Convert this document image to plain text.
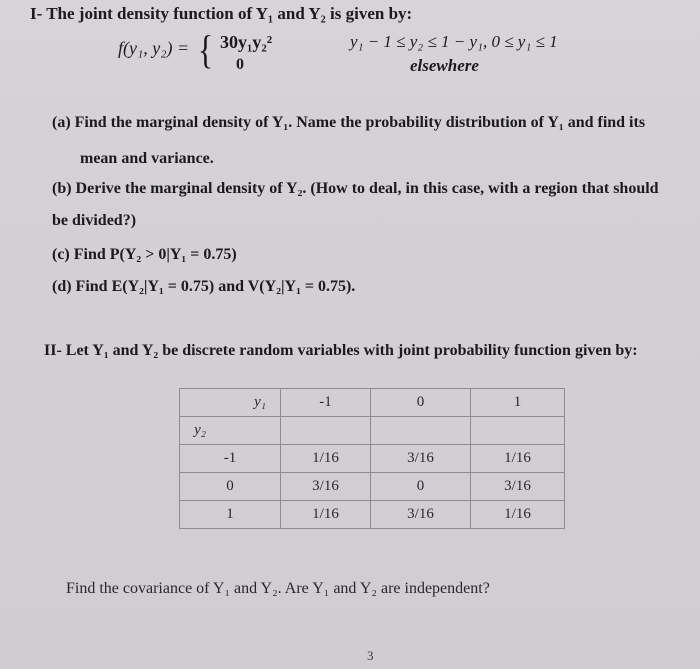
I- The joint density function of Y₁ and Y₂ is given by:
f(y₁, y₂) = { 30y₁y₂²
0
y₁ − 1 ≤ y₂ ≤ 1 − y₁, 0 ≤ y₁ ≤ 1
elsewhere
(a) Find the marginal density of Y₁. Name the probability distribution of Y₁ and find its
mean and variance.
(b) Derive the marginal density of Y₂. (How to deal, in this case, with a region that should
be divided?)
(c) Find P(Y₂ > 0|Y₁ = 0.75)
(d) Find E(Y₂|Y₁ = 0.75) and V(Y₂|Y₁ = 0.75).
II- Let Y₁ and Y₂ be discrete random variables with joint probability function given by:
y₁	-1	0	1
y₂			
-1	1/16	3/16	1/16
0	3/16	0	3/16
1	1/16	3/16	1/16
Find the covariance of Y₁ and Y₂. Are Y₁ and Y₂ are independent?
3
